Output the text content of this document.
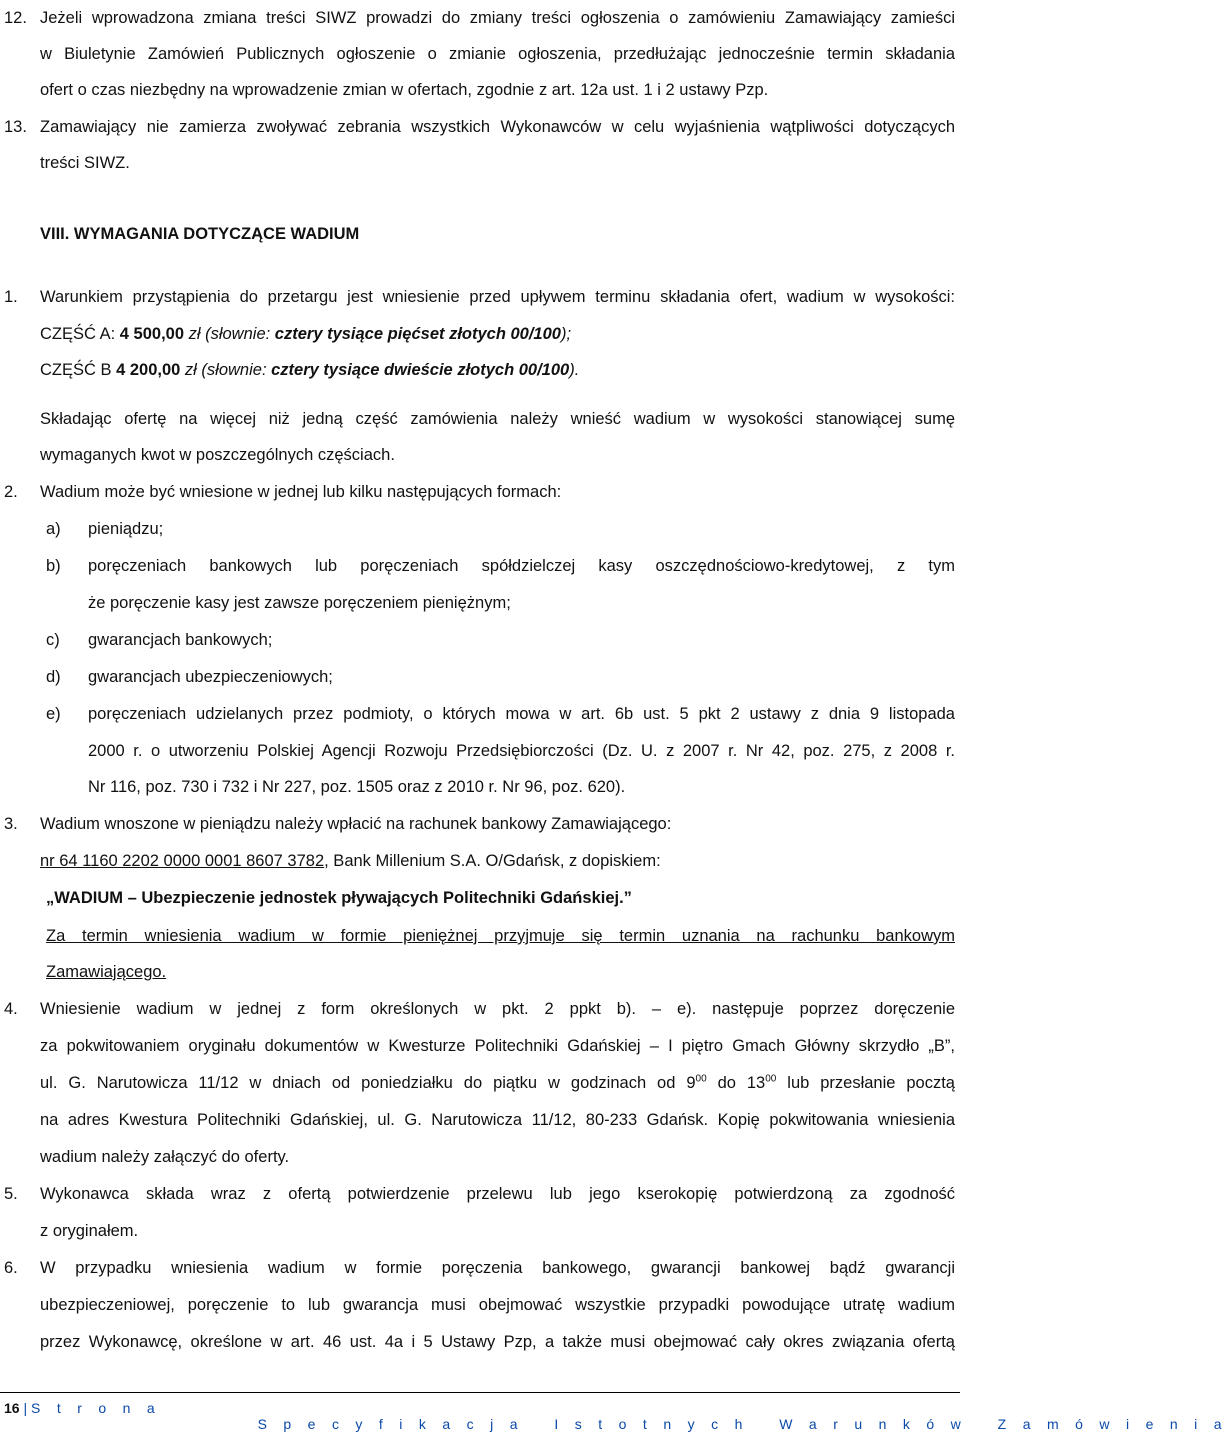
12. Jeżeli wprowadzona zmiana treści SIWZ prowadzi do zmiany treści ogłoszenia o zamówieniu Zamawiający zamieści
w Biuletynie Zamówień Publicznych ogłoszenie o zmianie ogłoszenia, przedłużając jednocześnie termin składania
ofert o czas niezbędny na wprowadzenie zmian w ofertach, zgodnie z art. 12a ust. 1 i 2 ustawy Pzp.
13. Zamawiający nie zamierza zwoływać zebrania wszystkich Wykonawców w celu wyjaśnienia wątpliwości dotyczących
treści SIWZ.
VIII. WYMAGANIA DOTYCZĄCE WADIUM
1. Warunkiem przystąpienia do przetargu jest wniesienie przed upływem terminu składania ofert, wadium w wysokości:
CZĘŚĆ A: 4 500,00 zł (słownie: cztery tysiące pięćset złotych 00/100);
CZĘŚĆ B 4 200,00 zł (słownie: cztery tysiące dwieście złotych 00/100).
Składając ofertę na więcej niż jedną część zamówienia należy wnieść wadium w wysokości stanowiącej sumę
wymaganych kwot w poszczególnych częściach.
2. Wadium może być wniesione w jednej lub kilku następujących formach:
a) pieniądzu;
b) poręczeniach bankowych lub poręczeniach spółdzielczej kasy oszczędnościowo-kredytowej, z tym
że poręczenie kasy jest zawsze poręczeniem pieniężnym;
c) gwarancjach bankowych;
d) gwarancjach ubezpieczeniowych;
e) poręczeniach udzielanych przez podmioty, o których mowa w art. 6b ust. 5 pkt 2 ustawy z dnia 9 listopada
2000 r. o utworzeniu Polskiej Agencji Rozwoju Przedsiębiorczości (Dz. U. z 2007 r. Nr 42, poz. 275, z 2008 r.
Nr 116, poz. 730 i 732 i Nr 227, poz. 1505 oraz z 2010 r. Nr 96, poz. 620).
3. Wadium wnoszone w pieniądzu należy wpłacić na rachunek bankowy Zamawiającego:
nr 64 1160 2202 0000 0001 8607 3782, Bank Millenium S.A. O/Gdańsk, z dopiskiem:
„WADIUM – Ubezpieczenie jednostek pływających Politechniki Gdańskiej.”
Za termin wniesienia wadium w formie pieniężnej przyjmuje się termin uznania na rachunku bankowym
Zamawiającego.
4. Wniesienie wadium w jednej z form określonych w pkt. 2 ppkt b). – e). następuje poprzez doręczenie
za pokwitowaniem oryginału dokumentów w Kwesturze Politechniki Gdańskiej – I piętro Gmach Główny skrzydło „B”,
ul. G. Narutowicza 11/12 w dniach od poniedziałku do piątku w godzinach od $9^{00}$ do $13^{00}$ lub przesłanie pocztą
na adres Kwestura Politechniki Gdańskiej, ul. G. Narutowicza 11/12, 80-233 Gdańsk. Kopię pokwitowania wniesienia
wadium należy załączyć do oferty.
5. Wykonawca składa wraz z ofertą potwierdzenie przelewu lub jego kserokopię potwierdzoną za zgodność
z oryginałem.
6. W przypadku wniesienia wadium w formie poręczenia bankowego, gwarancji bankowej bądź gwarancji
ubezpieczeniowej, poręczenie to lub gwarancja musi obejmować wszystkie przypadki powodujące utratę wadium
przez Wykonawcę, określone w art. 46 ust. 4a i 5 Ustawy Pzp, a także musi obejmować cały okres związania ofertą
16 | S t r o n a

S p e c y f i k a c j a   I s t o t n y c h   W a r u n k ó w   Z a m ó w i e n i a
